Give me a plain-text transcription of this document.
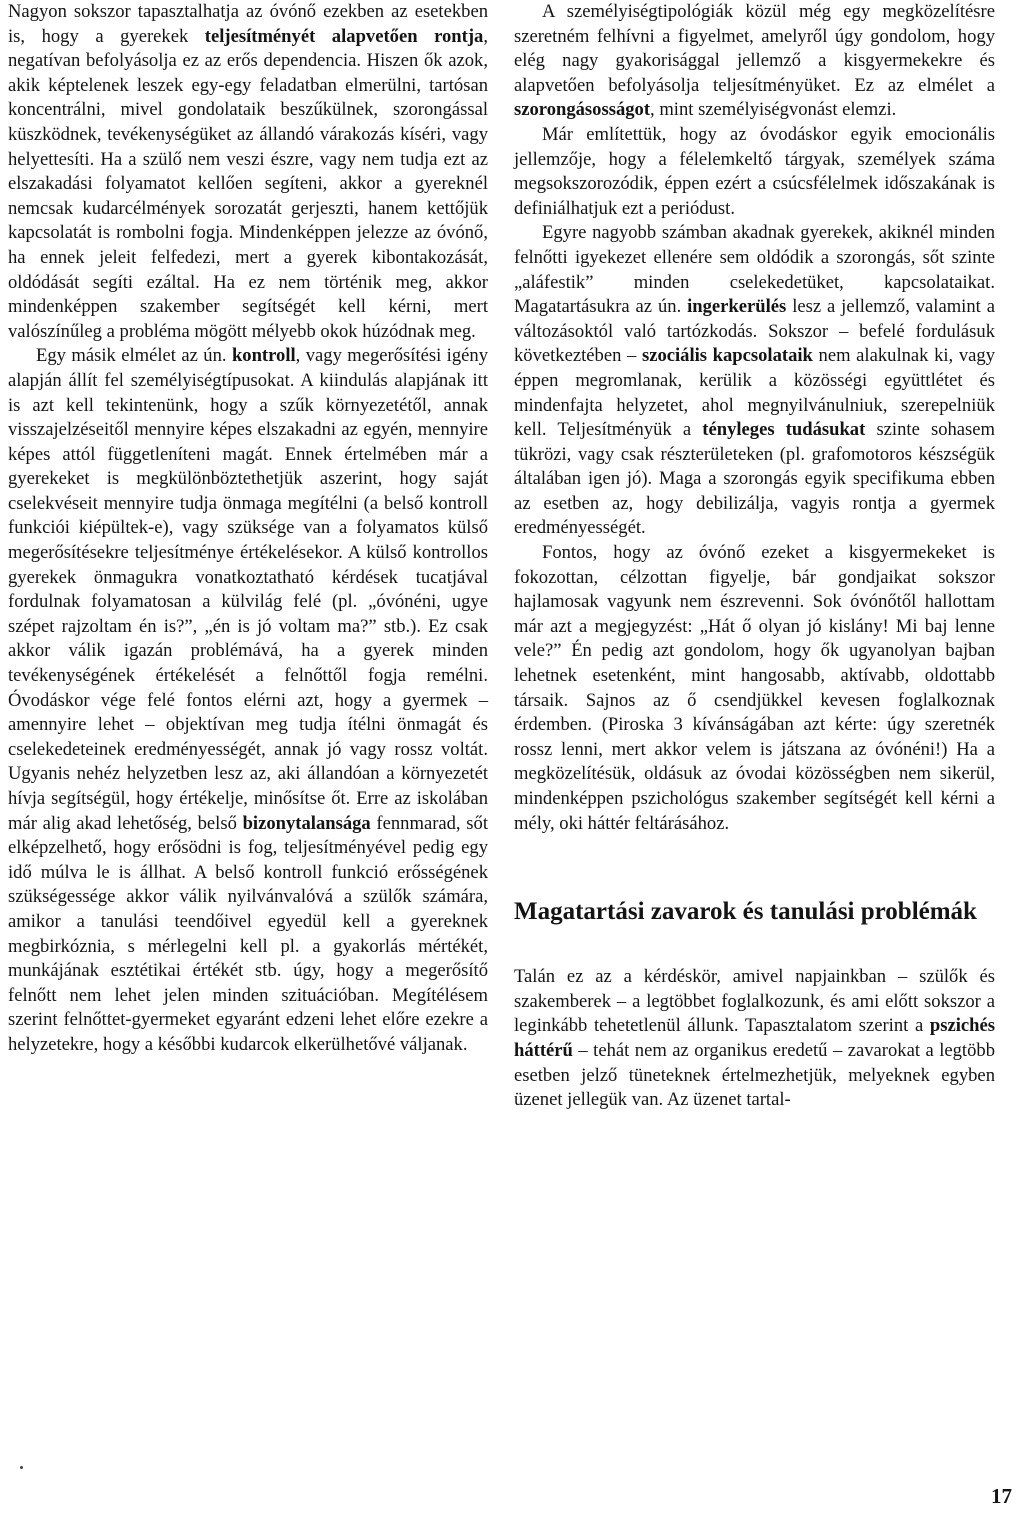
Nagyon sokszor tapasztalhatja az óvónő ezekben az esetekben is, hogy a gyerekek teljesítményét alapvetően rontja, negatívan befolyásolja ez az erős dependencia. Hiszen ők azok, akik képtelenek leszek egy-egy feladatban elmerülni, tartósan koncentrálni, mivel gondolataik beszűkülnek, szorongással küszködnek, tevékenységüket az állandó várakozás kíséri, vagy helyettesíti. Ha a szülő nem veszi észre, vagy nem tudja ezt az elszakadási folyamatot kellően segíteni, akkor a gyereknél nemcsak kudarcélmények sorozatát gerjeszti, hanem kettőjük kapcsolatát is rombolni fogja. Mindenképpen jelezze az óvónő, ha ennek jeleit felfedezi, mert a gyerek kibontakozását, oldódását segíti ezáltal. Ha ez nem történik meg, akkor mindenképpen szakember segítségét kell kérni, mert valószínűleg a probléma mögött mélyebb okok húzódnak meg.

Egy másik elmélet az ún. kontroll, vagy megerősítési igény alapján állít fel személyiségtípusokat. A kiindulás alapjának itt is azt kell tekintenünk, hogy a szűk környezetétől, annak visszajelzéseitől mennyire képes elszakadni az egyén, mennyire képes attól függetleníteni magát. Ennek értelmében már a gyerekeket is megkülönböztethetjük aszerint, hogy saját cselekvéseit mennyire tudja önmaga megítélni (a belső kontroll funkciói kiépültek-e), vagy szüksége van a folyamatos külső megerősítésekre teljesítménye értékelésekor. A külső kontrollos gyerekek önmagukra vonatkoztatható kérdések tucatjával fordulnak folyamatosan a külvilág felé (pl. „óvónéni, ugye szépet rajzoltam én is?”, „én is jó voltam ma?” stb.). Ez csak akkor válik igazán problémává, ha a gyerek minden tevékenységének értékelését a felnőttől fogja remélni. Óvodáskor vége felé fontos elérni azt, hogy a gyermek – amennyire lehet – objektívan meg tudja ítélni önmagát és cselekedeteinek eredményességét, annak jó vagy rossz voltát. Ugyanis nehéz helyzetben lesz az, aki állandóan a környezetét hívja segítségül, hogy értékelje, minősítse őt. Erre az iskolában már alig akad lehetőség, belső bizonytalansága fennmarad, sőt elképzelhető, hogy erősödni is fog, teljesítményével pedig egy idő múlva le is állhat. A belső kontroll funkció erősségének szükségessége akkor válik nyilvánvalóvá a szülők számára, amikor a tanulási teendőivel egyedül kell a gyereknek megbirkóznia, s mérlegelni kell pl. a gyakorlás mértékét, munkájának esztétikai értékét stb. úgy, hogy a megerősítő felnőtt nem lehet jelen minden szituációban. Megítélésem szerint felnőttet-gyermeket egyaránt edzeni lehet előre ezekre a helyzetekre, hogy a későbbi kudarcok elkerülhetővé váljanak.

A személyiségtipológiák közül még egy megközelítésre szeretném felhívni a figyelmet, amelyről úgy gondolom, hogy elég nagy gyakorisággal jellemző a kisgyermekekre és alapvetően befolyásolja teljesítményüket. Ez az elmélet a szorongásosságot, mint személyiségvonást elemzi.

Már említettük, hogy az óvodáskor egyik emocionális jellemzője, hogy a félelemkeltő tárgyak, személyek száma megsokszorozódik, éppen ezért a csúcsfélelmek időszakának is definiálhatjuk ezt a periódust.

Egyre nagyobb számban akadnak gyerekek, akiknél minden felnőtti igyekezet ellenére sem oldódik a szorongás, sőt szinte „aláfestik” minden cselekedetüket, kapcsolataikat. Magatartásukra az ún. ingerkerülés lesz a jellemző, valamint a változásoktól való tartózkodás. Sokszor – befelé fordulásuk következtében – szociális kapcsolataik nem alakulnak ki, vagy éppen megromlanak, kerülik a közösségi együttlétet és mindenfajta helyzetet, ahol megnyilvánulniuk, szerepelniük kell. Teljesítményük a tényleges tudásukat szinte sohasem tükrözi, vagy csak részterületeken (pl. grafomotoros készségük általában igen jó). Maga a szorongás egyik specifikuma ebben az esetben az, hogy debilizálja, vagyis rontja a gyermek eredményességét.

Fontos, hogy az óvónő ezeket a kisgyermekeket is fokozottan, célzottan figyelje, bár gondjaikat sokszor hajlamosak vagyunk nem észrevenni. Sok óvónőtől hallottam már azt a megjegyzést: „Hát ő olyan jó kislány! Mi baj lenne vele?” Én pedig azt gondolom, hogy ők ugyanolyan bajban lehetnek esetenként, mint hangosabb, aktívabb, oldottabb társaik. Sajnos az ő csendjükkel kevesen foglalkoznak érdemben. (Piroska 3 kívánságában azt kérte: úgy szeretnék rossz lenni, mert akkor velem is játszana az óvónéni!) Ha a megközelítésük, oldásuk az óvodai közösségben nem sikerül, mindenképpen pszichológus szakember segítségét kell kérni a mély, oki háttér feltárásához.

Magatartási zavarok és tanulási problémák

Talán ez az a kérdéskör, amivel napjainkban – szülők és szakemberek – a legtöbbet foglalkozunk, és ami előtt sokszor a leginkább tehetetlenül állunk. Tapasztalatom szerint a pszichés háttérű – tehát nem az organikus eredetű – zavarokat a legtöbb esetben jelző tüneteknek értelmezhetjük, melyeknek egyben üzenet jellegük van. Az üzenet tartal-

17
